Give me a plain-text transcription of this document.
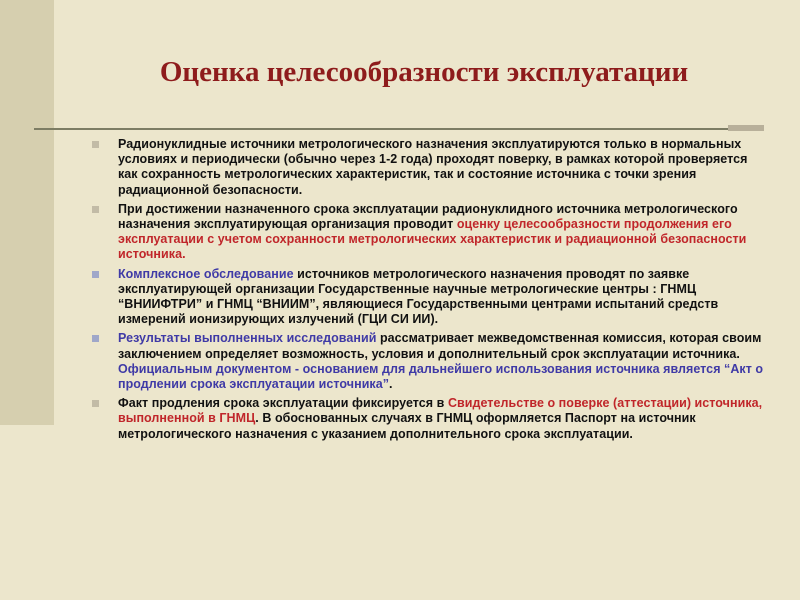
Оценка целесообразности эксплуатации
Радионуклидные источники метрологического назначения эксплуатируются только в нормальных условиях и периодически (обычно через 1-2 года) проходят поверку, в рамках которой проверяется как сохранность метрологических характеристик, так и состояние источника с точки зрения радиационной безопасности.
При достижении назначенного срока эксплуатации радионуклидного источника метрологического назначения эксплуатирующая организация проводит оценку целесообразности продолжения его эксплуатации с учетом сохранности метрологических характеристик и радиационной безопасности источника.
Комплексное обследование источников метрологического назначения проводят по заявке эксплуатирующей организации Государственные научные метрологические центры : ГНМЦ “ВНИИФТРИ” и ГНМЦ “ВНИИМ”, являющиеся Государственными центрами испытаний средств измерений ионизирующих излучений (ГЦИ СИ ИИ).
Результаты выполненных исследований рассматривает межведомственная комиссия, которая своим заключением определяет возможность, условия и дополнительный срок эксплуатации источника. Официальным документом - основанием для дальнейшего использования источника является “Акт о продлении срока эксплуатации источника”.
Факт продления срока эксплуатации фиксируется в Свидетельстве о поверке (аттестации) источника, выполненной в ГНМЦ. В обоснованных случаях в ГНМЦ оформляется Паспорт на источник метрологического назначения с указанием дополнительного срока эксплуатации.
